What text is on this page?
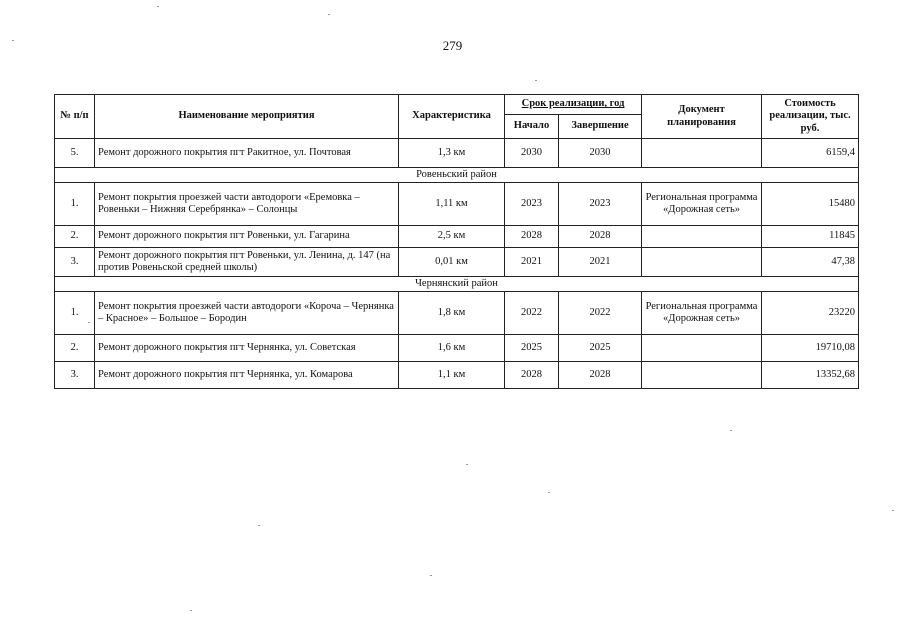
279
№ п/п	Наименование мероприятия	Характеристика	Срок реализации, год		Документ планирования	Стоимость реализации, тыс. руб.
			Начало	Завершение		
5.	Ремонт дорожного покрытия пгт Ракитное, ул. Почтовая	1,3 км	2030	2030		6159,4
Ровеньский район						
1.	Ремонт покрытия проезжей части автодороги «Еремовка – Ровеньки – Нижняя Серебрянка» – Солонцы	1,11 км	2023	2023	Региональная программа «Дорожная сеть»	15480
2.	Ремонт дорожного покрытия пгт Ровеньки, ул. Гагарина	2,5 км	2028	2028		11845
3.	Ремонт дорожного покрытия пгт Ровеньки, ул. Ленина, д. 147 (на против Ровеньской средней школы)	0,01 км	2021	2021		47,38
Чернянский район						
1.	Ремонт покрытия проезжей части автодороги «Короча – Чернянка – Красное» – Большое – Бородин	1,8 км	2022	2022	Региональная программа «Дорожная сеть»	23220
2.	Ремонт дорожного покрытия пгт Чернянка, ул. Советская	1,6 км	2025	2025		19710,08
3.	Ремонт дорожного покрытия пгт Чернянка, ул. Комарова	1,1 км	2028	2028		13352,68
